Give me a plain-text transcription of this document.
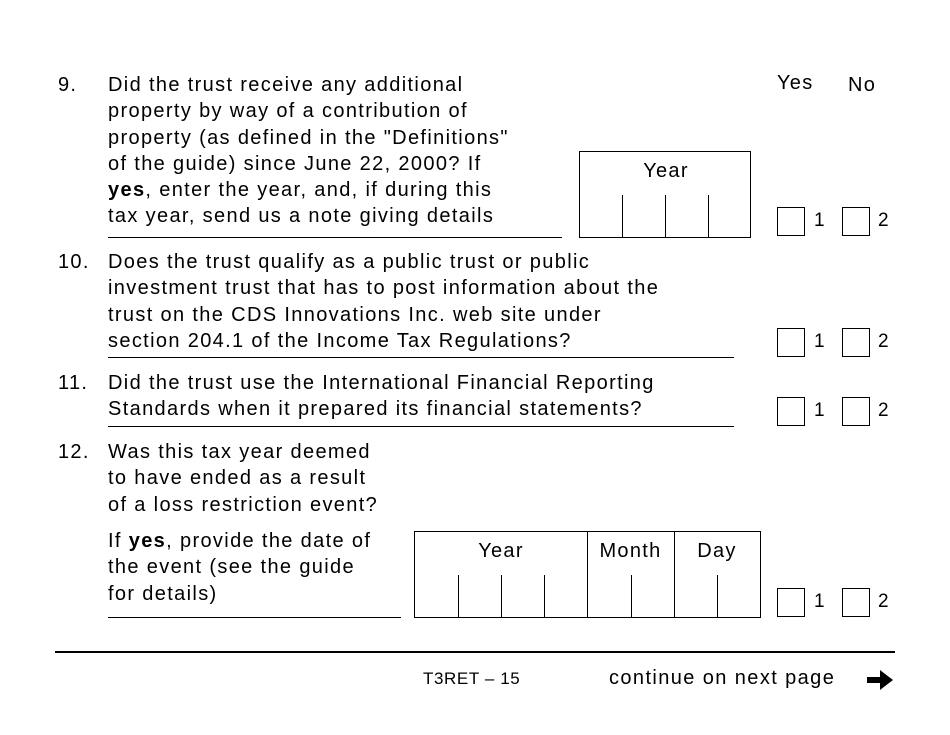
Yes No
9. Did the trust receive any additional
property by way of a contribution of
property (as defined in the "Definitions"
of the guide) since June 22, 2000? If
yes, enter the year, and, if during this
tax year, send us a note giving details
Year
1	2
10. Does the trust qualify as a public trust or public
investment trust that has to post information about the
trust on the CDS Innovations Inc. web site under
section 204.1 of the Income Tax Regulations?	1	2
11. Did the trust use the International Financial Reporting
Standards when it prepared its financial statements?	1	2
12. Was this tax year deemed
to have ended as a result
of a loss restriction event?
If yes, provide the date of
the event (see the guide
for details)
Year	Month	Day
1	2
T3RET – 15	continue on next page
